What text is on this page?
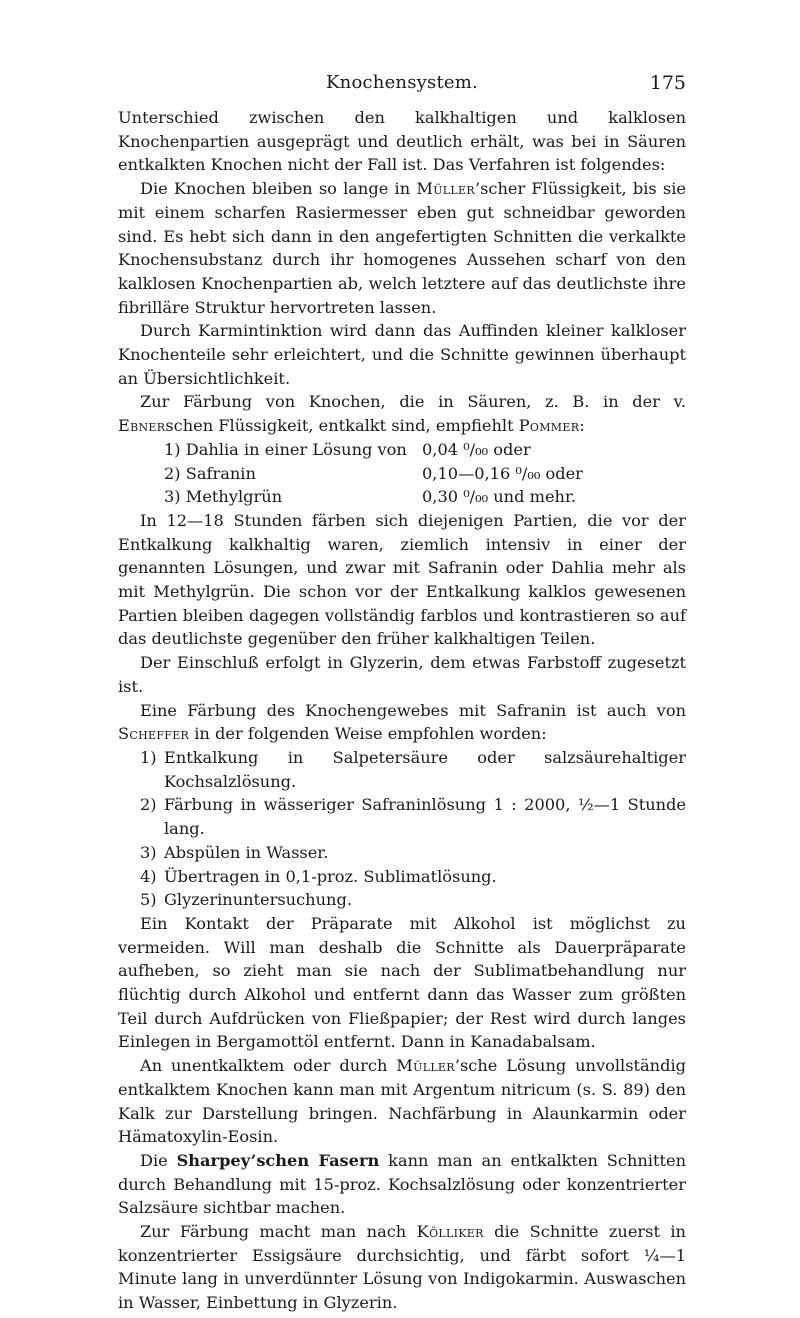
Knochensystem.	175

Unterschied zwischen den kalkhaltigen und kalklosen Knochenpartien ausgeprägt und deutlich erhält, was bei in Säuren entkalkten Knochen nicht der Fall ist. Das Verfahren ist folgendes:

Die Knochen bleiben so lange in Müller’scher Flüssigkeit, bis sie mit einem scharfen Rasiermesser eben gut schneidbar geworden sind. Es hebt sich dann in den angefertigten Schnitten die verkalkte Knochensubstanz durch ihr homogenes Aussehen scharf von den kalklosen Knochenpartien ab, welch letztere auf das deutlichste ihre fibrilläre Struktur hervortreten lassen.

Durch Karmintinktion wird dann das Auffinden kleiner kalkloser Knochenteile sehr erleichtert, und die Schnitte gewinnen überhaupt an Übersichtlichkeit.

Zur Färbung von Knochen, die in Säuren, z. B. in der v. Ebnerschen Flüssigkeit, entkalkt sind, empfiehlt Pommer:

1) Dahlia in einer Lösung von 0,04 ⁰/₀₀ oder
2) Safranin	0,10—0,16 ⁰/₀₀ oder
3) Methylgrün	0,30 ⁰/₀₀ und mehr.

In 12—18 Stunden färben sich diejenigen Partien, die vor der Entkalkung kalkhaltig waren, ziemlich intensiv in einer der genannten Lösungen, und zwar mit Safranin oder Dahlia mehr als mit Methylgrün. Die schon vor der Entkalkung kalklos gewesenen Partien bleiben dagegen vollständig farblos und kontrastieren so auf das deutlichste gegenüber den früher kalkhaltigen Teilen.

Der Einschluß erfolgt in Glyzerin, dem etwas Farbstoff zugesetzt ist.

Eine Färbung des Knochengewebes mit Safranin ist auch von Scheffer in der folgenden Weise empfohlen worden:

1) Entkalkung in Salpetersäure oder salzsäurehaltiger Kochsalzlösung.
2) Färbung in wässeriger Safraninlösung 1 : 2000, ½—1 Stunde lang.
3) Abspülen in Wasser.
4) Übertragen in 0,1-proz. Sublimatlösung.
5) Glyzerinuntersuchung.

Ein Kontakt der Präparate mit Alkohol ist möglichst zu vermeiden. Will man deshalb die Schnitte als Dauerpräparate aufheben, so zieht man sie nach der Sublimatbehandlung nur flüchtig durch Alkohol und entfernt dann das Wasser zum größten Teil durch Aufdrücken von Fließpapier; der Rest wird durch langes Einlegen in Bergamottöl entfernt. Dann in Kanadabalsam.

An unentkalktem oder durch Müller’sche Lösung unvollständig entkalktem Knochen kann man mit Argentum nitricum (s. S. 89) den Kalk zur Darstellung bringen. Nachfärbung in Alaunkarmin oder Hämatoxylin-Eosin.

Die Sharpey’schen Fasern kann man an entkalkten Schnitten durch Behandlung mit 15-proz. Kochsalzlösung oder konzentrierter Salzsäure sichtbar machen.

Zur Färbung macht man nach Kölliker die Schnitte zuerst in konzentrierter Essigsäure durchsichtig, und färbt sofort ¼—1 Minute lang in unverdünnter Lösung von Indigokarmin. Auswaschen in Wasser, Einbettung in Glyzerin.
